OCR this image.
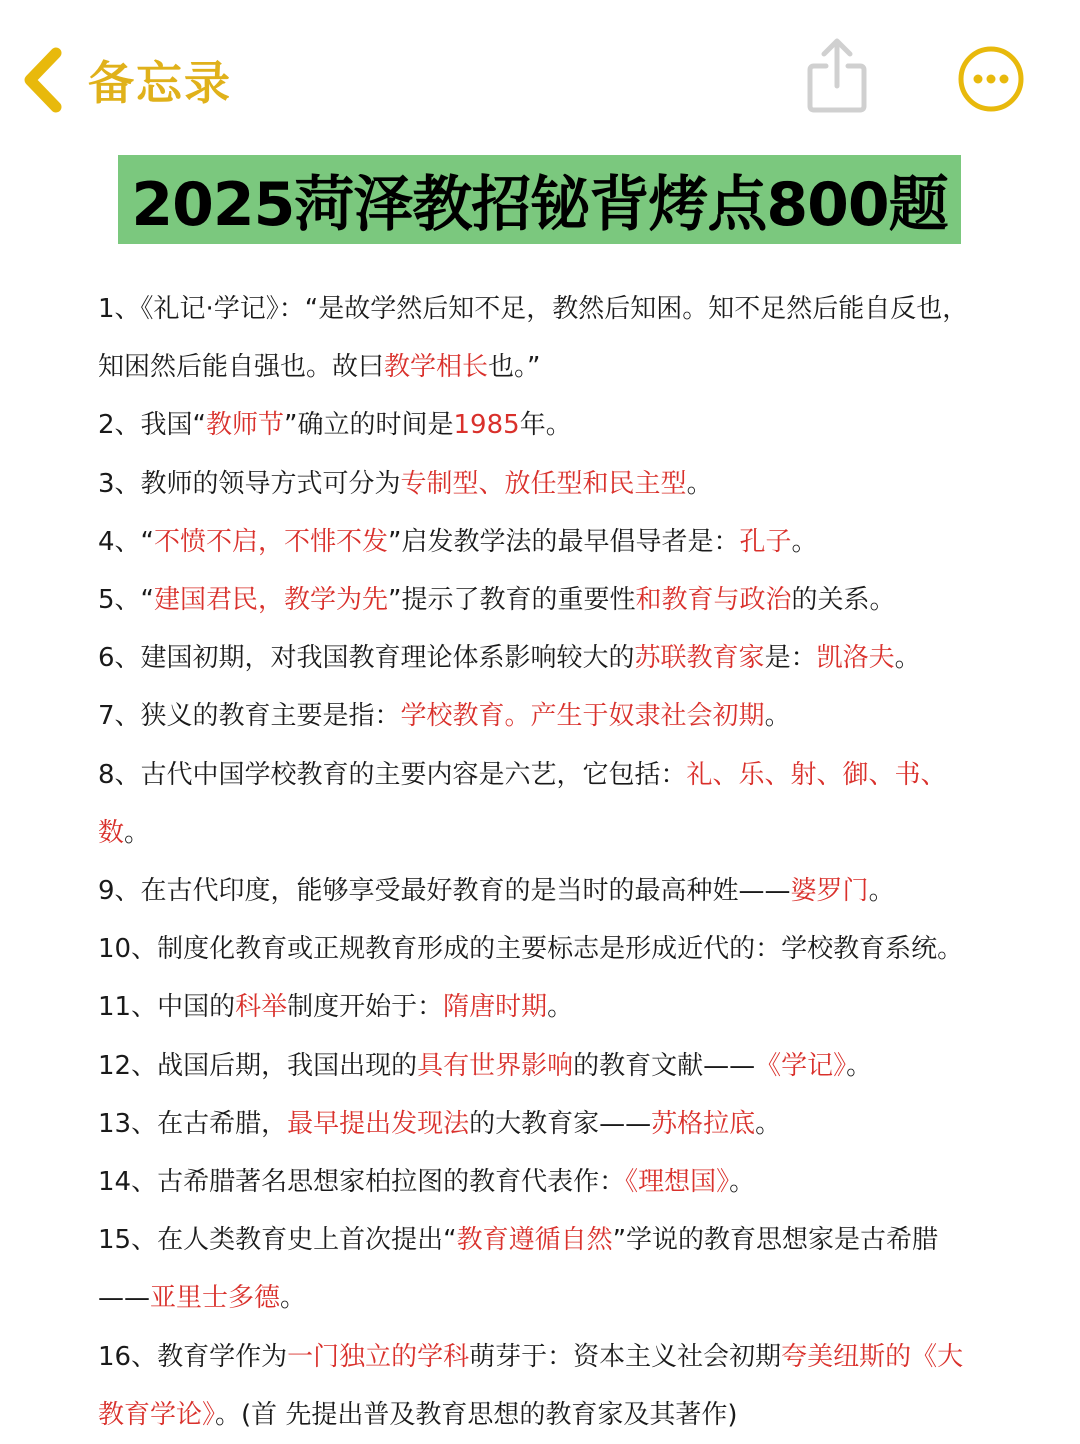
备忘录
2025菏泽教招铋背烤点800题

1、《礼记·学记》：“是故学然后知不足，教然后知困。知不足然后能自反也，知困然后能自强也。故曰教学相长也。”

2、我国“教师节”确立的时间是1985年。

3、教师的领导方式可分为专制型、放任型和民主型。

4、“不愤不启，不悱不发”启发教学法的最早倡导者是：孔子。

5、“建国君民，教学为先”提示了教育的重要性和教育与政治的关系。

6、建国初期，对我国教育理论体系影响较大的苏联教育家是：凯洛夫。

7、狭义的教育主要是指：学校教育。产生于奴隶社会初期。

8、古代中国学校教育的主要内容是六艺，它包括：礼、乐、射、御、书、数。

9、在古代印度，能够享受最好教育的是当时的最高种姓——婆罗门。

10、制度化教育或正规教育形成的主要标志是形成近代的：学校教育系统。

11、中国的科举制度开始于：隋唐时期。

12、战国后期，我国出现的具有世界影响的教育文献——《学记》。

13、在古希腊，最早提出发现法的大教育家——苏格拉底。

14、古希腊著名思想家柏拉图的教育代表作：《理想国》。

15、在人类教育史上首次提出“教育遵循自然”学说的教育思想家是古希腊——亚里士多德。

16、教育学作为一门独立的学科萌芽于：资本主义社会初期夸美纽斯的《大教育学论》。(首 先提出普及教育思想的教育家及其著作)
